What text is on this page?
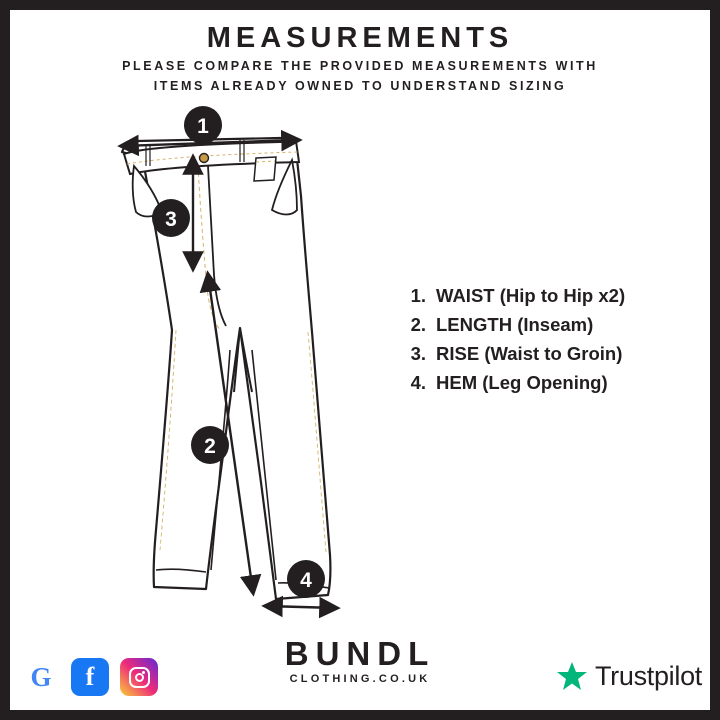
MEASUREMENTS
PLEASE COMPARE THE PROVIDED MEASUREMENTS WITH
ITEMS ALREADY OWNED TO UNDERSTAND SIZING
1
3
2
4
1. WAIST (Hip to Hip x2)
2. LENGTH (Inseam)
3. RISE (Waist to Groin)
4. HEM (Leg Opening)
BUNDL
CLOTHING.CO.UK
G f	Trustpilot
